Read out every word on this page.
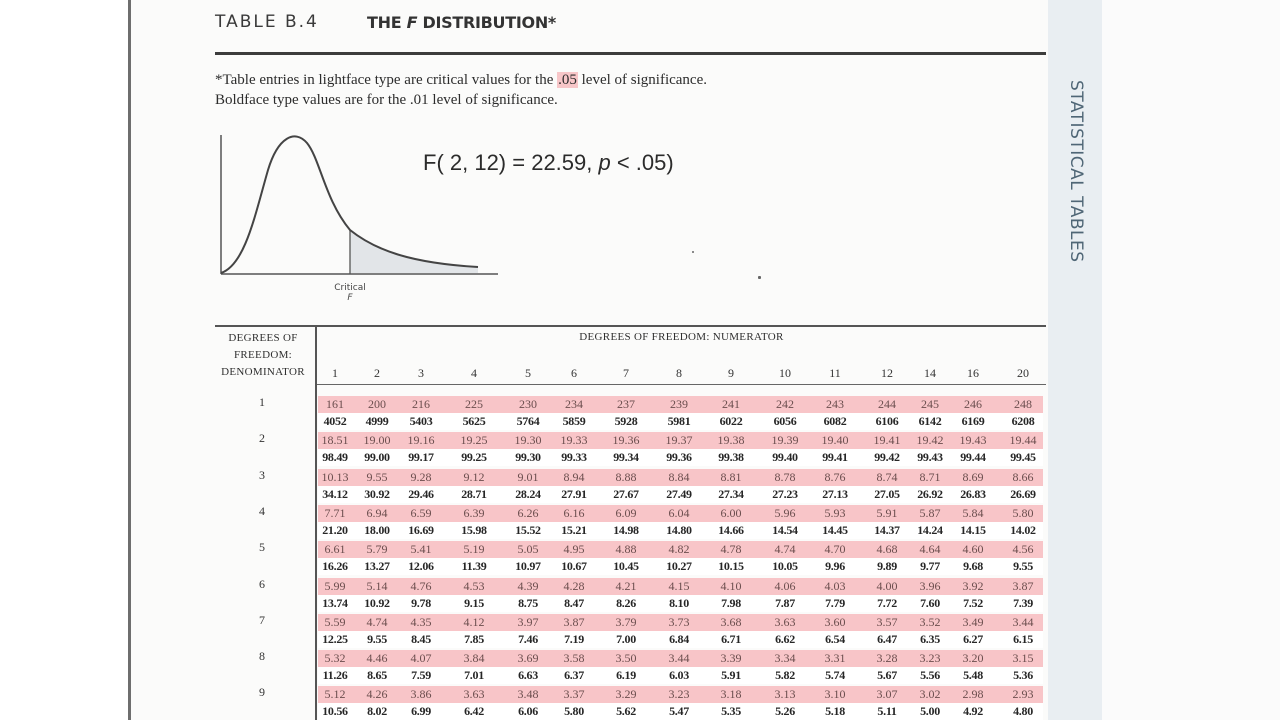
STATISTICAL TABLES
TABLE B.4	THE F DISTRIBUTION*
*Table entries in lightface type are critical values for the .05 level of significance.
Boldface type values are for the .01 level of significance.
Critical
F
F( 2, 12) = 22.59, p < .05)
DEGREES OF
FREEDOM:
DENOMINATOR
DEGREES OF FREEDOM: NUMERATOR
1	2	3	4	5	6	7	8	9	10	11	12	14	16	20
1	161	200	216	225	230	234	237	239	241	242	243	244	245	246	248
4052	4999	5403	5625	5764	5859	5928	5981	6022	6056	6082	6106	6142	6169	6208
2	18.51	19.00	19.16	19.25	19.30	19.33	19.36	19.37	19.38	19.39	19.40	19.41	19.42	19.43	19.44
98.49	99.00	99.17	99.25	99.30	99.33	99.34	99.36	99.38	99.40	99.41	99.42	99.43	99.44	99.45
3	10.13	9.55	9.28	9.12	9.01	8.94	8.88	8.84	8.81	8.78	8.76	8.74	8.71	8.69	8.66
34.12	30.92	29.46	28.71	28.24	27.91	27.67	27.49	27.34	27.23	27.13	27.05	26.92	26.83	26.69
4	7.71	6.94	6.59	6.39	6.26	6.16	6.09	6.04	6.00	5.96	5.93	5.91	5.87	5.84	5.80
21.20	18.00	16.69	15.98	15.52	15.21	14.98	14.80	14.66	14.54	14.45	14.37	14.24	14.15	14.02
5	6.61	5.79	5.41	5.19	5.05	4.95	4.88	4.82	4.78	4.74	4.70	4.68	4.64	4.60	4.56
16.26	13.27	12.06	11.39	10.97	10.67	10.45	10.27	10.15	10.05	9.96	9.89	9.77	9.68	9.55
6	5.99	5.14	4.76	4.53	4.39	4.28	4.21	4.15	4.10	4.06	4.03	4.00	3.96	3.92	3.87
13.74	10.92	9.78	9.15	8.75	8.47	8.26	8.10	7.98	7.87	7.79	7.72	7.60	7.52	7.39
7	5.59	4.74	4.35	4.12	3.97	3.87	3.79	3.73	3.68	3.63	3.60	3.57	3.52	3.49	3.44
12.25	9.55	8.45	7.85	7.46	7.19	7.00	6.84	6.71	6.62	6.54	6.47	6.35	6.27	6.15
8	5.32	4.46	4.07	3.84	3.69	3.58	3.50	3.44	3.39	3.34	3.31	3.28	3.23	3.20	3.15
11.26	8.65	7.59	7.01	6.63	6.37	6.19	6.03	5.91	5.82	5.74	5.67	5.56	5.48	5.36
9	5.12	4.26	3.86	3.63	3.48	3.37	3.29	3.23	3.18	3.13	3.10	3.07	3.02	2.98	2.93
10.56	8.02	6.99	6.42	6.06	5.80	5.62	5.47	5.35	5.26	5.18	5.11	5.00	4.92	4.80
